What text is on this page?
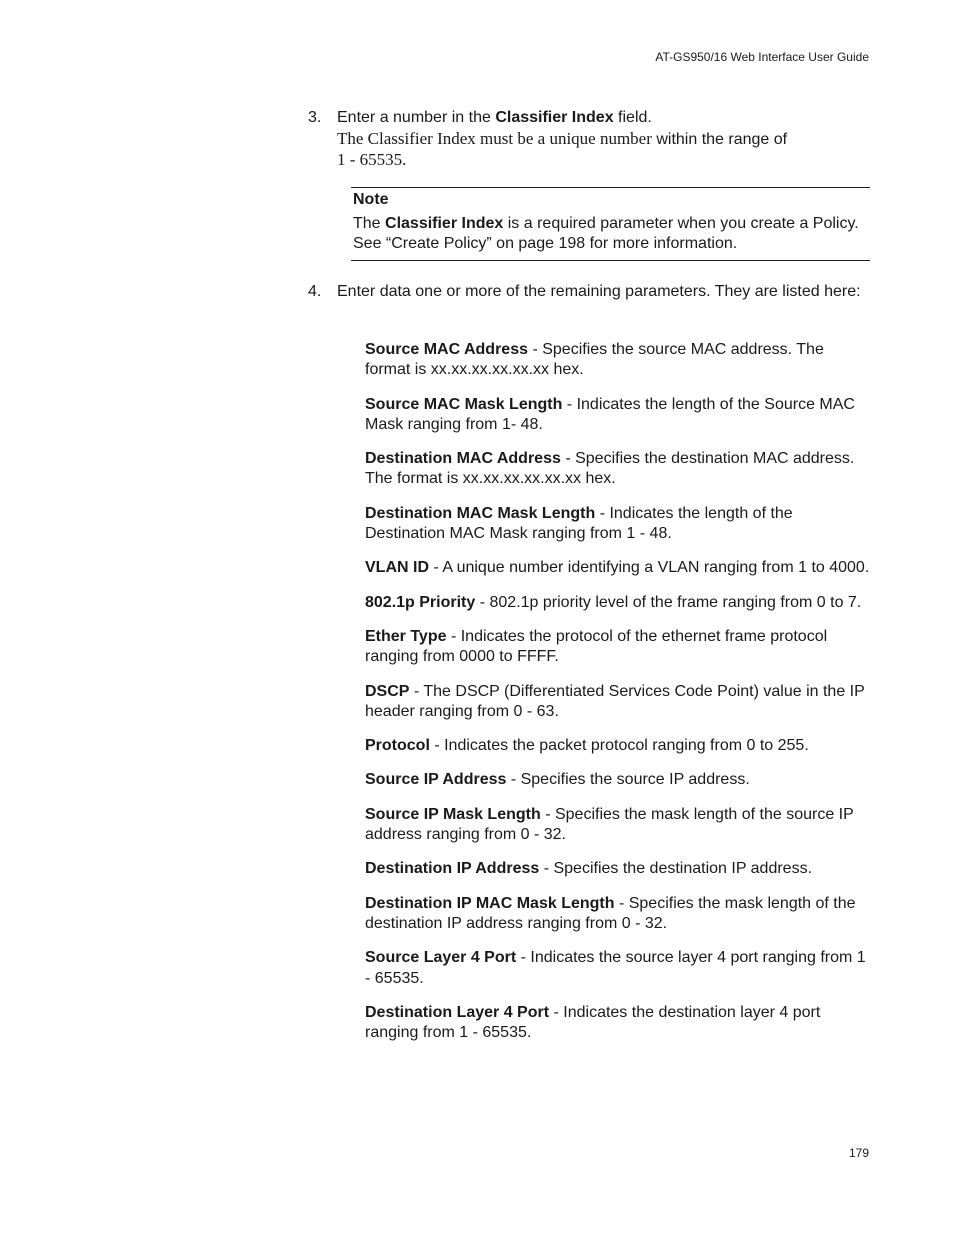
AT-GS950/16 Web Interface User Guide
3. Enter a number in the Classifier Index field.
The Classifier Index must be a unique number within the range of
1 - 65535.
Note
The Classifier Index is a required parameter when you create a Policy. See “Create Policy” on page 198 for more information.
4. Enter data one or more of the remaining parameters. They are listed here:
Source MAC Address - Specifies the source MAC address. The format is xx.xx.xx.xx.xx.xx hex.
Source MAC Mask Length - Indicates the length of the Source MAC Mask ranging from 1- 48.
Destination MAC Address - Specifies the destination MAC address. The format is xx.xx.xx.xx.xx.xx hex.
Destination MAC Mask Length - Indicates the length of the Destination MAC Mask ranging from 1 - 48.
VLAN ID - A unique number identifying a VLAN ranging from 1 to 4000.
802.1p Priority - 802.1p priority level of the frame ranging from 0 to 7.
Ether Type - Indicates the protocol of the ethernet frame protocol ranging from 0000 to FFFF.
DSCP - The DSCP (Differentiated Services Code Point) value in the IP header ranging from 0 - 63.
Protocol - Indicates the packet protocol ranging from 0 to 255.
Source IP Address - Specifies the source IP address.
Source IP Mask Length - Specifies the mask length of the source IP address ranging from 0 - 32.
Destination IP Address - Specifies the destination IP address.
Destination IP MAC Mask Length - Specifies the mask length of the destination IP address ranging from 0 - 32.
Source Layer 4 Port - Indicates the source layer 4 port ranging from 1 - 65535.
Destination Layer 4 Port - Indicates the destination layer 4 port ranging from 1 - 65535.
179
